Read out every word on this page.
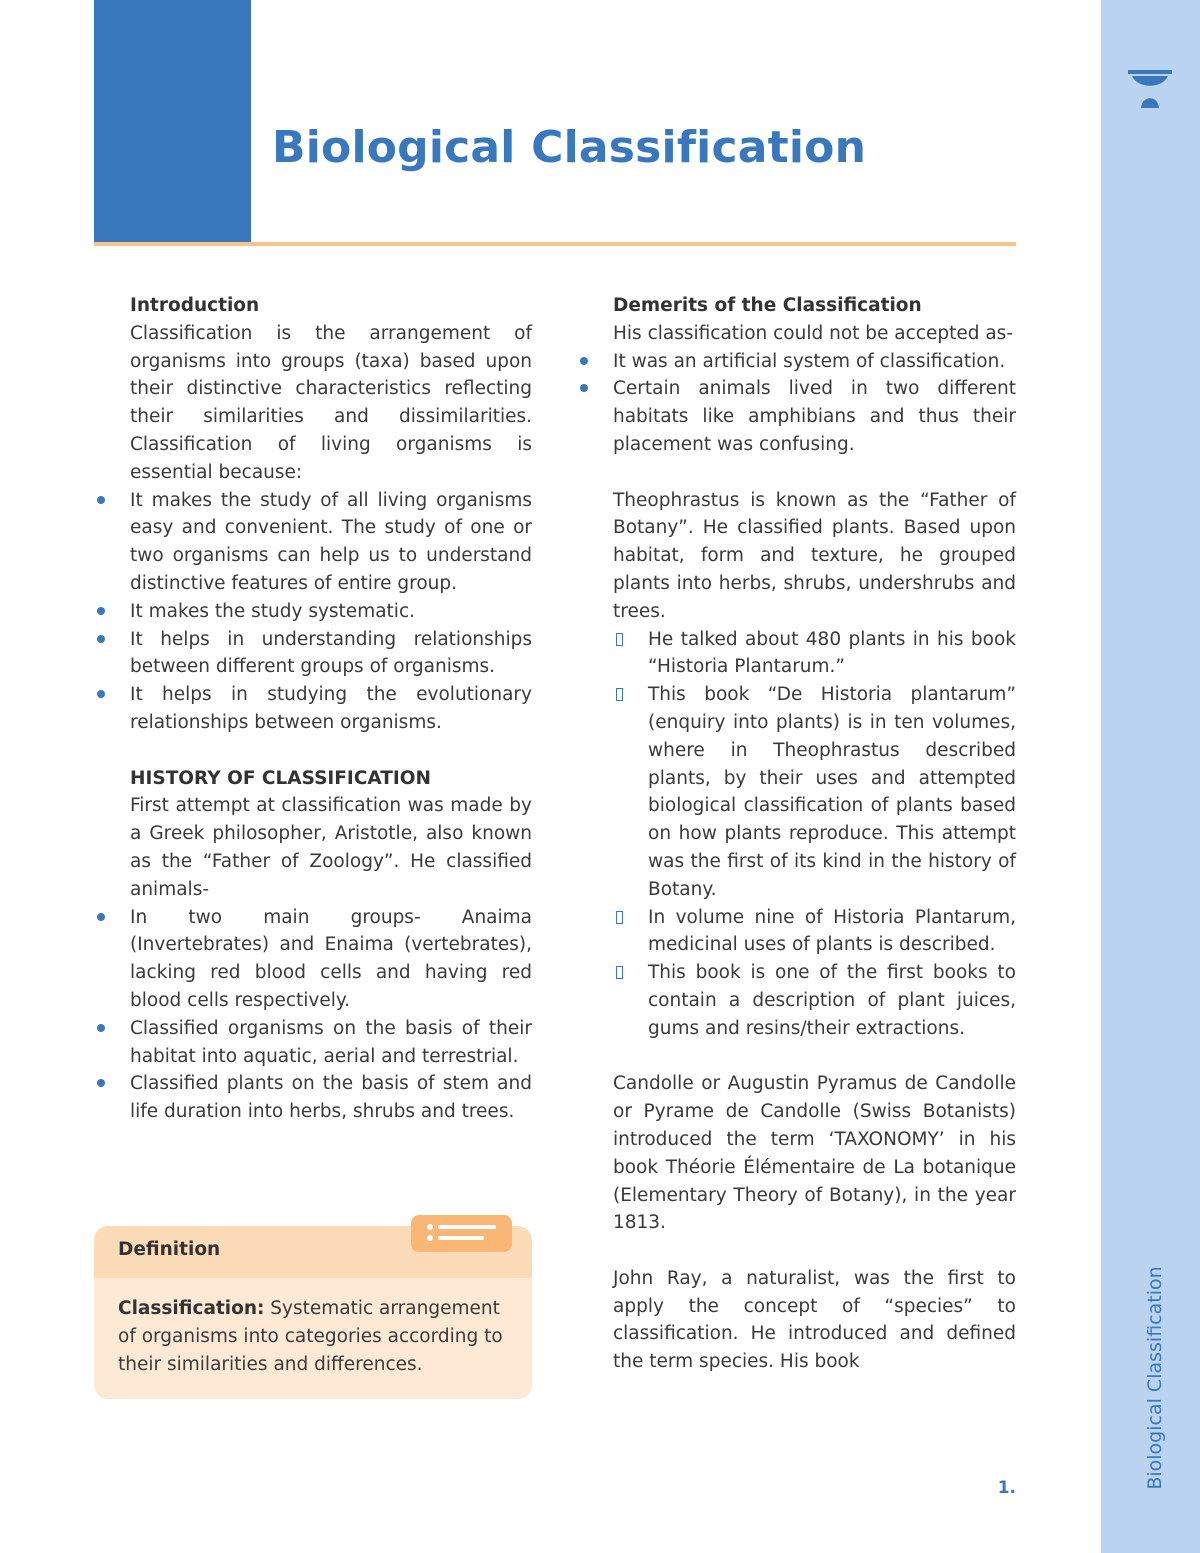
Biological Classification
Biological Classification
1.
Introduction

Classification is the arrangement of organisms into groups (taxa) based upon their distinctive characteristics reflecting their similarities and dissimilarities. Classification of living organisms is essential because:

It makes the study of all living organisms easy and convenient. The study of one or two organisms can help us to understand distinctive features of entire group.
It makes the study systematic.
It helps in understanding relationships between different groups of organisms.
It helps in studying the evolutionary relationships between organisms.
HISTORY OF CLASSIFICATION

First attempt at classification was made by a Greek philosopher, Aristotle, also known as the “Father of Zoology”. He classified animals-

In two main groups- Anaima (Invertebrates) and Enaima (vertebrates), lacking red blood cells and having red blood cells respectively.
Classified organisms on the basis of their habitat into aquatic, aerial and terrestrial.
Classified plants on the basis of stem and life duration into herbs, shrubs and trees.
Definition
Classification: Systematic arrangement of organisms into categories according to their similarities and differences.
Demerits of the Classification

His classification could not be accepted as-

It was an artificial system of classification.
Certain animals lived in two different habitats like amphibians and thus their placement was confusing.

Theophrastus is known as the “Father of Botany”. He classified plants. Based upon habitat, form and texture, he grouped plants into herbs, shrubs, undershrubs and trees.

He talked about 480 plants in his book “Historia Plantarum.”
This book “De Historia plantarum” (enquiry into plants) is in ten volumes, where in Theophrastus described plants, by their uses and attempted biological classification of plants based on how plants reproduce. This attempt was the first of its kind in the history of Botany.
In volume nine of Historia Plantarum, medicinal uses of plants is described.
This book is one of the first books to contain a description of plant juices, gums and resins/their extractions.

Candolle or Augustin Pyramus de Candolle or Pyrame de Candolle (Swiss Botanists) introduced the term ‘TAXONOMY’ in his book Théorie Élémentaire de La botanique (Elementary Theory of Botany), in the year 1813.

John Ray, a naturalist, was the first to apply the concept of “species” to classification. He introduced and defined the term species. His book
